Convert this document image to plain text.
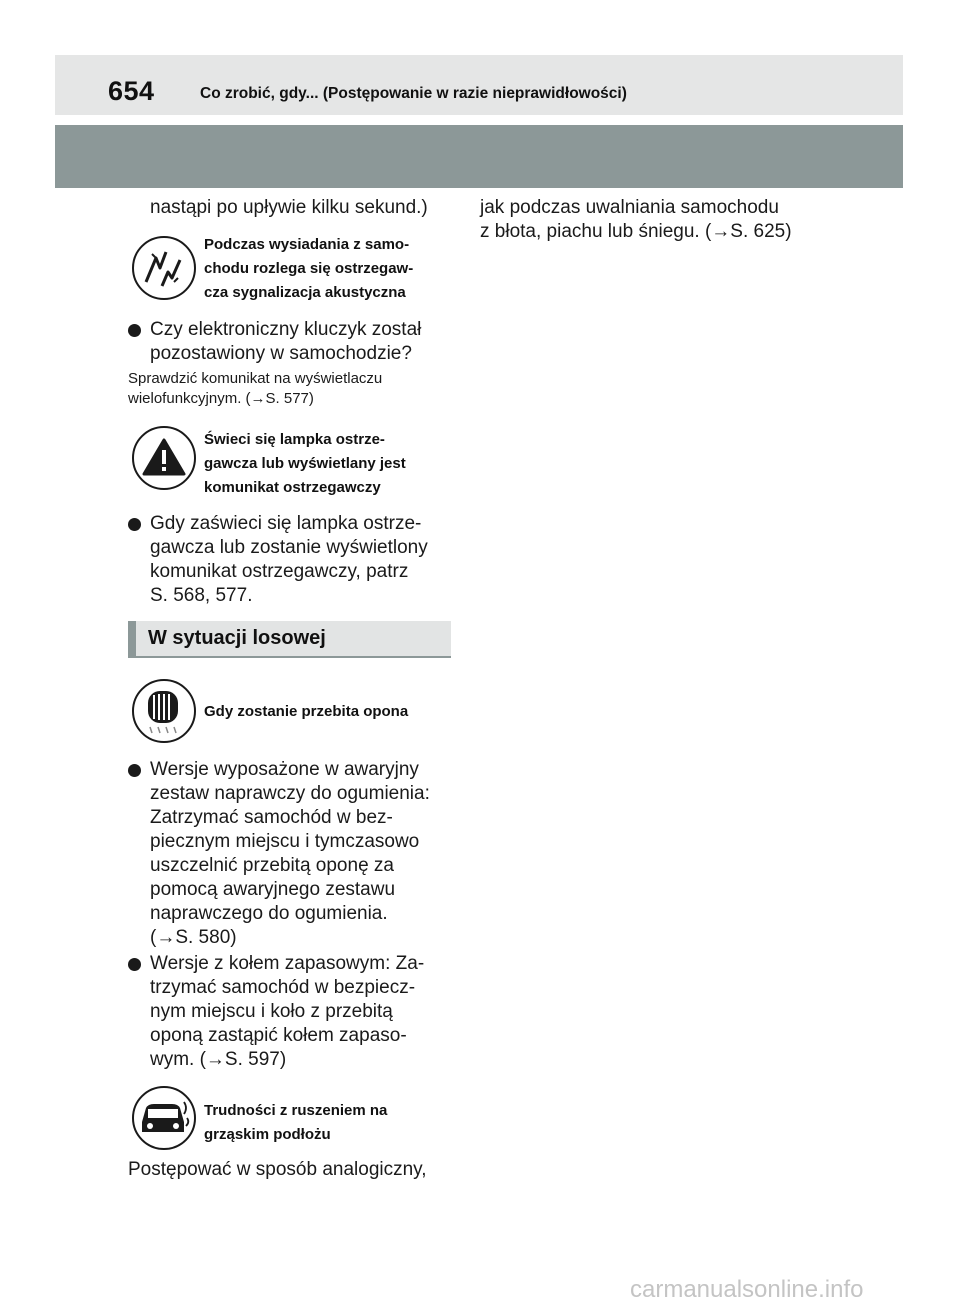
654	Co zrobić, gdy... (Postępowanie w razie nieprawidłowości)
nastąpi po upływie kilku sekund.)
Podczas wysiadania z samo-
chodu rozlega się ostrzegaw-
cza sygnalizacja akustyczna
Czy elektroniczny kluczyk został
pozostawiony w samochodzie?
Sprawdzić komunikat na wyświetlaczu
wielofunkcyjnym. (→S. 577)
Świeci się lampka ostrze-
gawcza lub wyświetlany jest
komunikat ostrzegawczy
Gdy zaświeci się lampka ostrze-
gawcza lub zostanie wyświetlony
komunikat ostrzegawczy, patrz
S. 568, 577.
W sytuacji losowej
Gdy zostanie przebita opona
Wersje wyposażone w awaryjny
zestaw naprawczy do ogumienia:
Zatrzymać samochód w bez-
piecznym miejscu i tymczasowo
uszczelnić przebitą oponę za
pomocą awaryjnego zestawu
naprawczego do ogumienia.
(→S. 580)
Wersje z kołem zapasowym: Za-
trzymać samochód w bezpiecz-
nym miejscu i koło z przebitą
oponą zastąpić kołem zapaso-
wym. (→S. 597)
Trudności z ruszeniem na
grząskim podłożu
Postępować w sposób analogiczny,
jak podczas uwalniania samochodu
z błota, piachu lub śniegu. (→S. 625)
carmanualsonline.info
